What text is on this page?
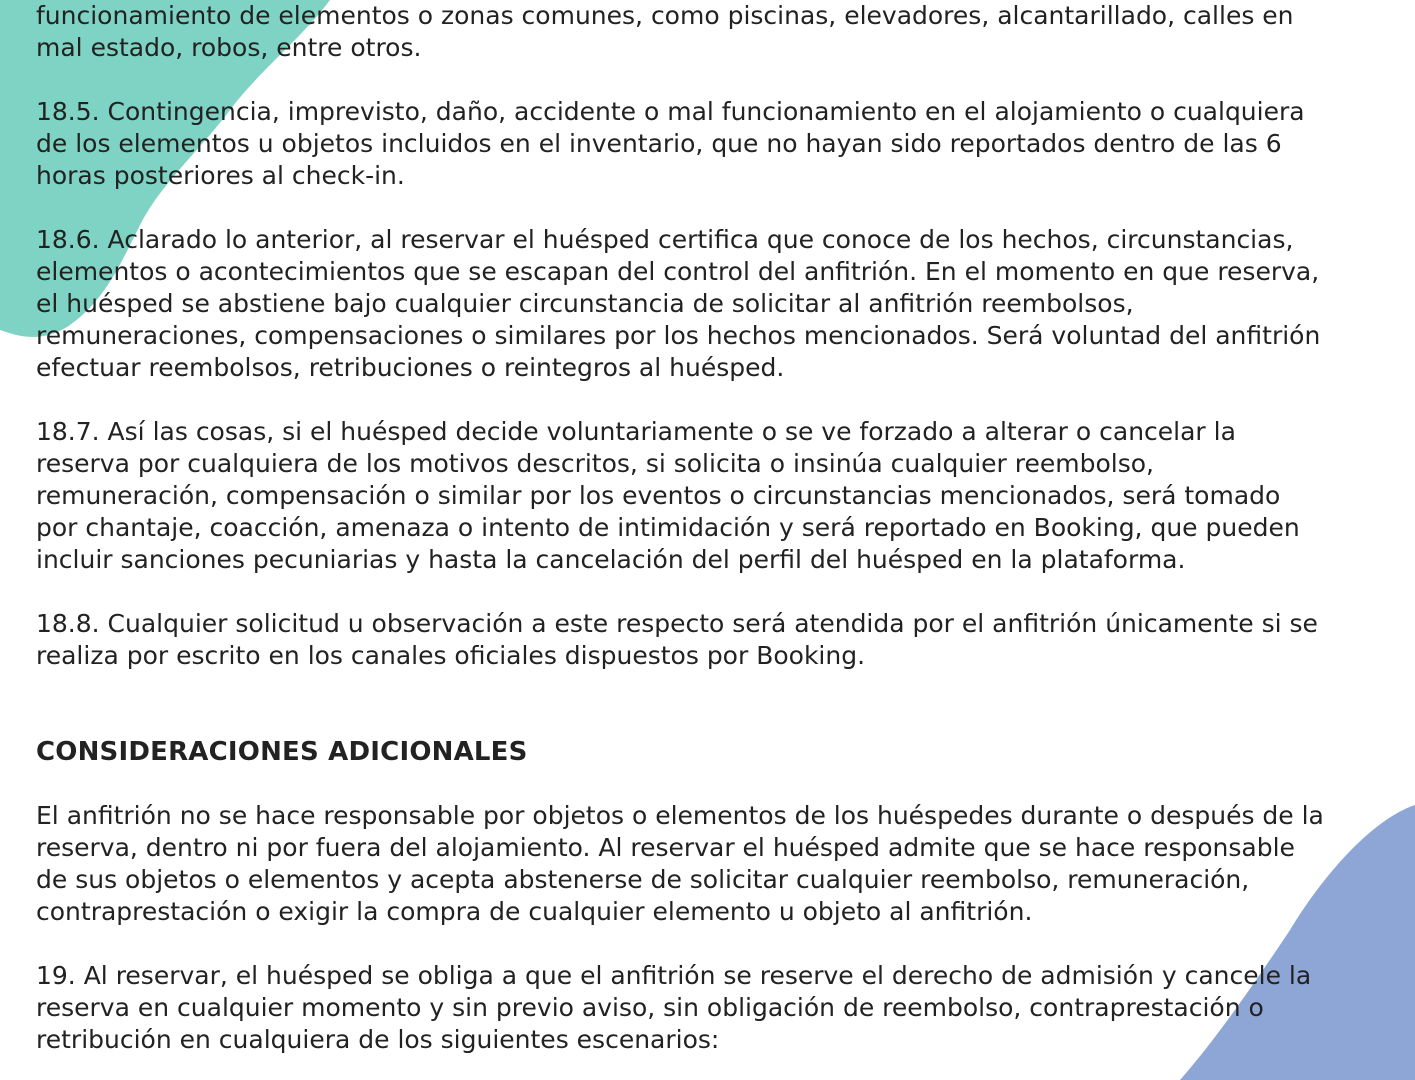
funcionamiento de elementos o zonas comunes, como piscinas, elevadores, alcantarillado, calles en
mal estado, robos, entre otros.
18.5. Contingencia, imprevisto, daño, accidente o mal funcionamiento en el alojamiento o cualquiera
de los elementos u objetos incluidos en el inventario, que no hayan sido reportados dentro de las 6
horas posteriores al check-in.
18.6. Aclarado lo anterior, al reservar el huésped certifica que conoce de los hechos, circunstancias,
elementos o acontecimientos que se escapan del control del anfitrión. En el momento en que reserva,
el huésped se abstiene bajo cualquier circunstancia de solicitar al anfitrión reembolsos,
remuneraciones, compensaciones o similares por los hechos mencionados. Será voluntad del anfitrión
efectuar reembolsos, retribuciones o reintegros al huésped.
18.7. Así las cosas, si el huésped decide voluntariamente o se ve forzado a alterar o cancelar la
reserva por cualquiera de los motivos descritos, si solicita o insinúa cualquier reembolso,
remuneración, compensación o similar por los eventos o circunstancias mencionados, será tomado
por chantaje, coacción, amenaza o intento de intimidación y será reportado en Booking, que pueden
incluir sanciones pecuniarias y hasta la cancelación del perfil del huésped en la plataforma.
18.8. Cualquier solicitud u observación a este respecto será atendida por el anfitrión únicamente si se
realiza por escrito en los canales oficiales dispuestos por Booking.
CONSIDERACIONES ADICIONALES
El anfitrión no se hace responsable por objetos o elementos de los huéspedes durante o después de la
reserva, dentro ni por fuera del alojamiento. Al reservar el huésped admite que se hace responsable
de sus objetos o elementos y acepta abstenerse de solicitar cualquier reembolso, remuneración,
contraprestación o exigir la compra de cualquier elemento u objeto al anfitrión.
19. Al reservar, el huésped se obliga a que el anfitrión se reserve el derecho de admisión y cancele la
reserva en cualquier momento y sin previo aviso, sin obligación de reembolso, contraprestación o
retribución en cualquiera de los siguientes escenarios:
